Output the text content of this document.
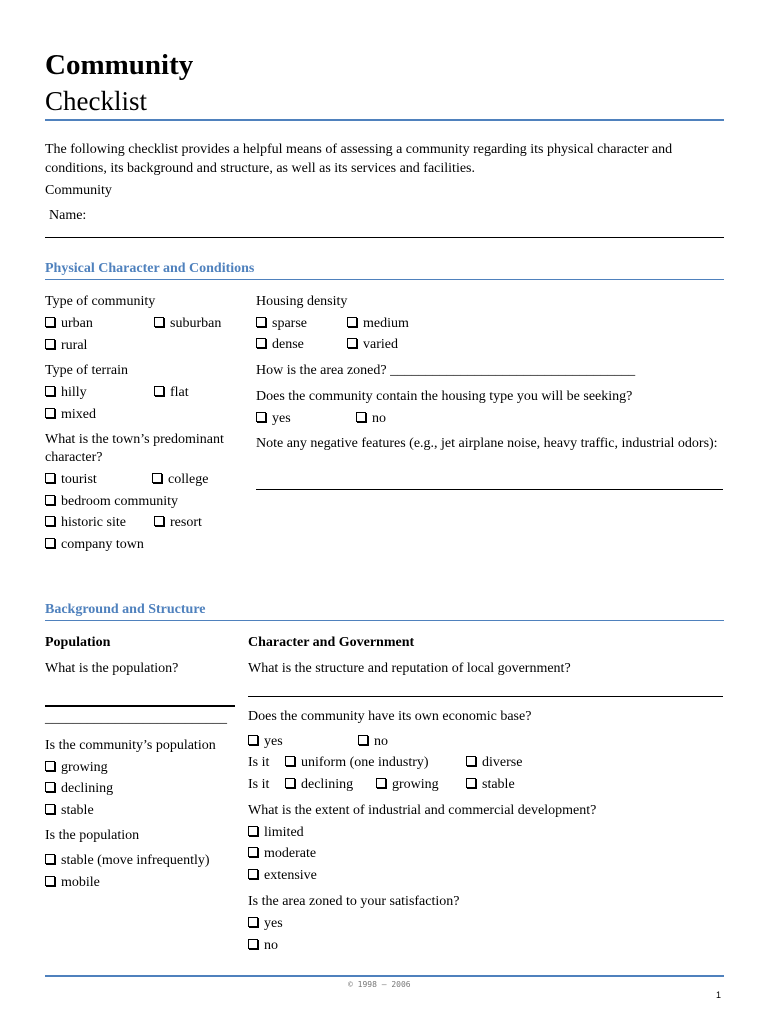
Community
Checklist
The following checklist provides a helpful means of assessing a community regarding its physical character and conditions, its background and structure, as well as its services and facilities.
Community
Name:
Physical Character and Conditions
Type of community
urban	suburban
rural
Type of terrain
hilly	flat
mixed
What is the town’s predominant character?
tourist	college
bedroom community
historic site	resort
company town
Housing density
sparse	medium
dense	varied
How is the area zoned? ___________________________________
Does the community contain the housing type you will be seeking?
yes	no
Note any negative features (e.g., jet airplane noise, heavy traffic, industrial odors):
Background and Structure
Population
What is the population?
__________________________
Is the community’s population
growing
declining
stable
Is the population
stable (move infrequently)
mobile
Character and Government
What is the structure and reputation of local government?
Does the community have its own economic base?
yes	no
Is it	uniform (one industry)	diverse
Is it	declining	growing	stable
What is the extent of industrial and commercial development?
limited
moderate
extensive
Is the area zoned to your satisfaction?
yes
no
© 1998 – 2006
1
